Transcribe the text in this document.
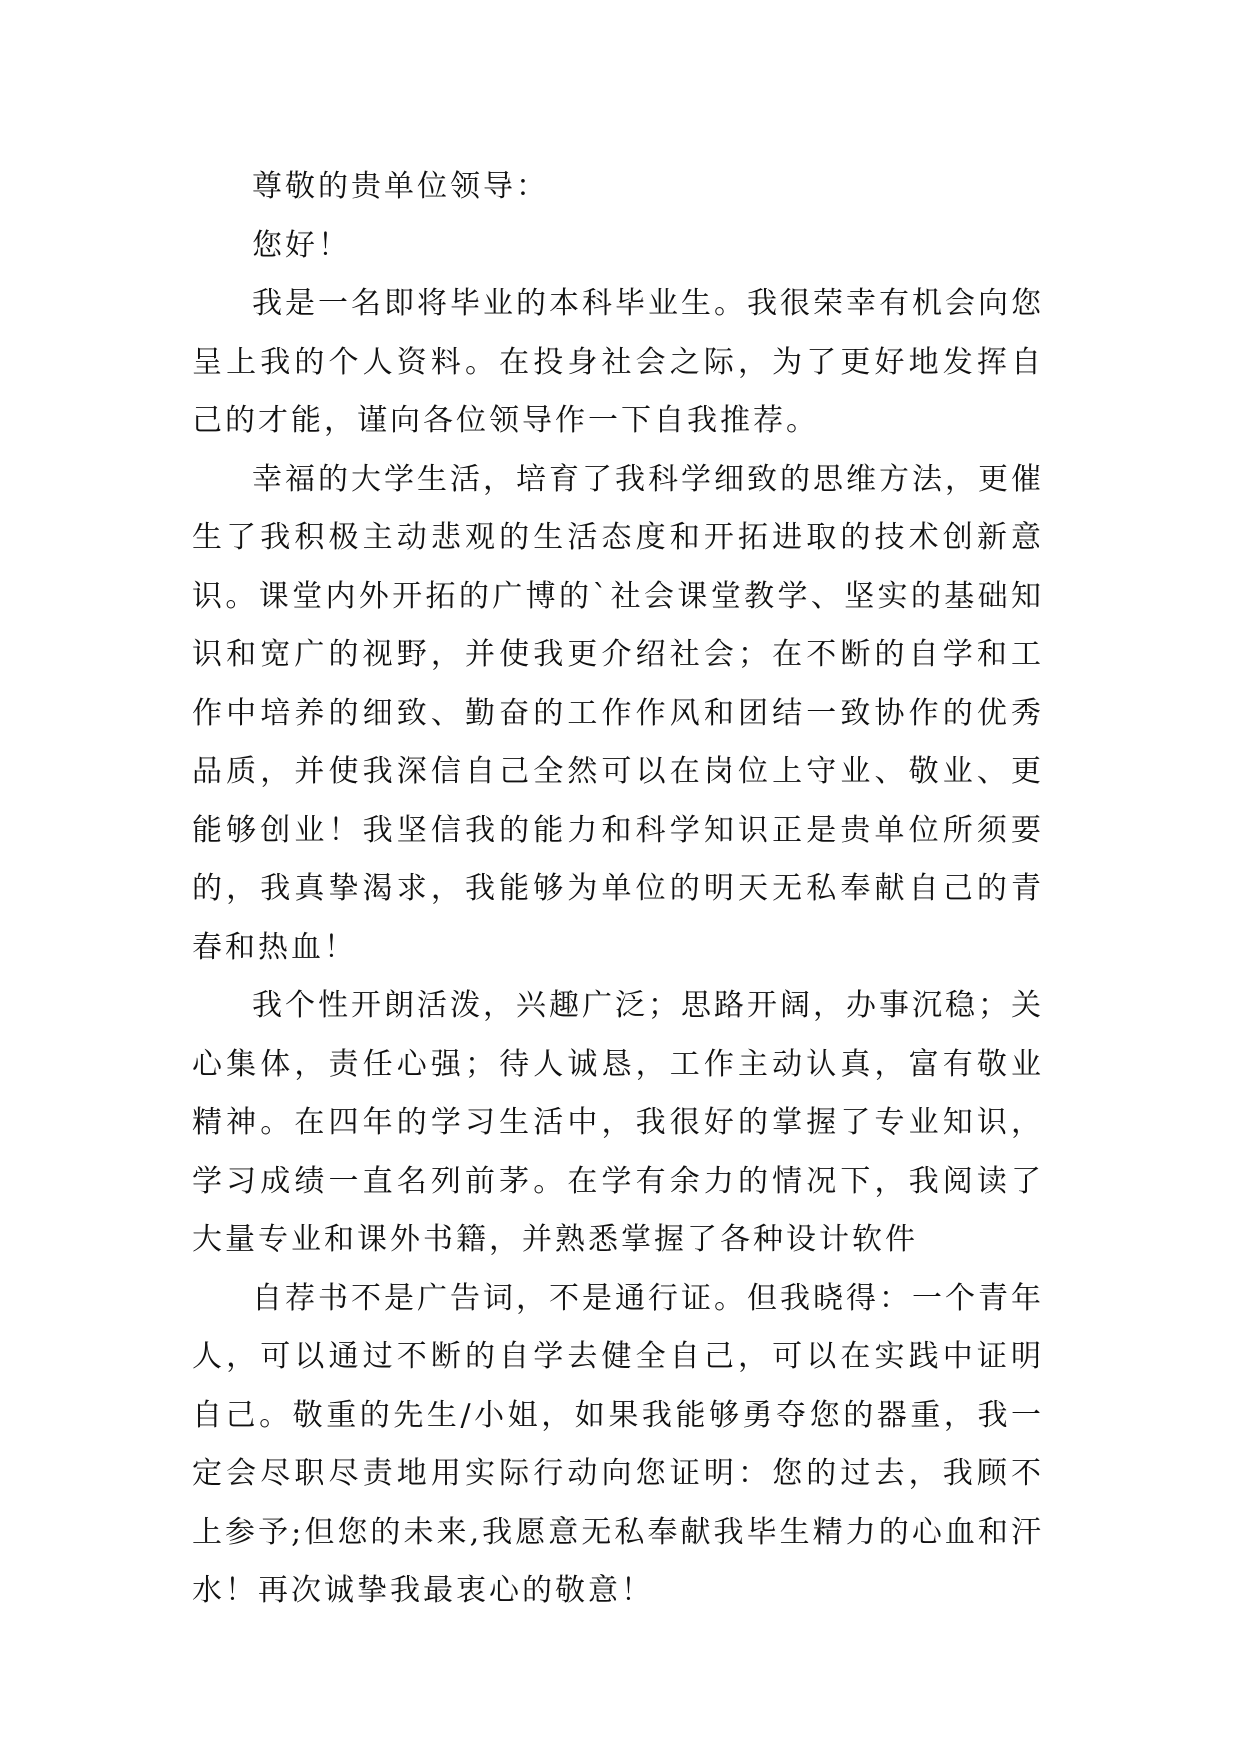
尊敬的贵单位领导：

您好！

我是一名即将毕业的本科毕业生。我很荣幸有机会向您呈上我的个人资料。在投身社会之际，为了更好地发挥自己的才能，谨向各位领导作一下自我推荐。

幸福的大学生活，培育了我科学细致的思维方法，更催生了我积极主动悲观的生活态度和开拓进取的技术创新意识。课堂内外开拓的广博的`社会课堂教学、坚实的基础知识和宽广的视野，并使我更介绍社会；在不断的自学和工作中培养的细致、勤奋的工作作风和团结一致协作的优秀品质，并使我深信自己全然可以在岗位上守业、敬业、更能够创业！我坚信我的能力和科学知识正是贵单位所须要的，我真挚渴求，我能够为单位的明天无私奉献自己的青春和热血！

我个性开朗活泼，兴趣广泛；思路开阔，办事沉稳；关心集体，责任心强；待人诚恳，工作主动认真，富有敬业精神。在四年的学习生活中，我很好的掌握了专业知识，学习成绩一直名列前茅。在学有余力的情况下，我阅读了大量专业和课外书籍，并熟悉掌握了各种设计软件

自荐书不是广告词，不是通行证。但我晓得：一个青年人，可以通过不断的自学去健全自己，可以在实践中证明自己。敬重的先生/小姐，如果我能够勇夺您的器重，我一定会尽职尽责地用实际行动向您证明：您的过去，我顾不上参予;但您的未来,我愿意无私奉献我毕生精力的心血和汗水！再次诚挚我最衷心的敬意！
